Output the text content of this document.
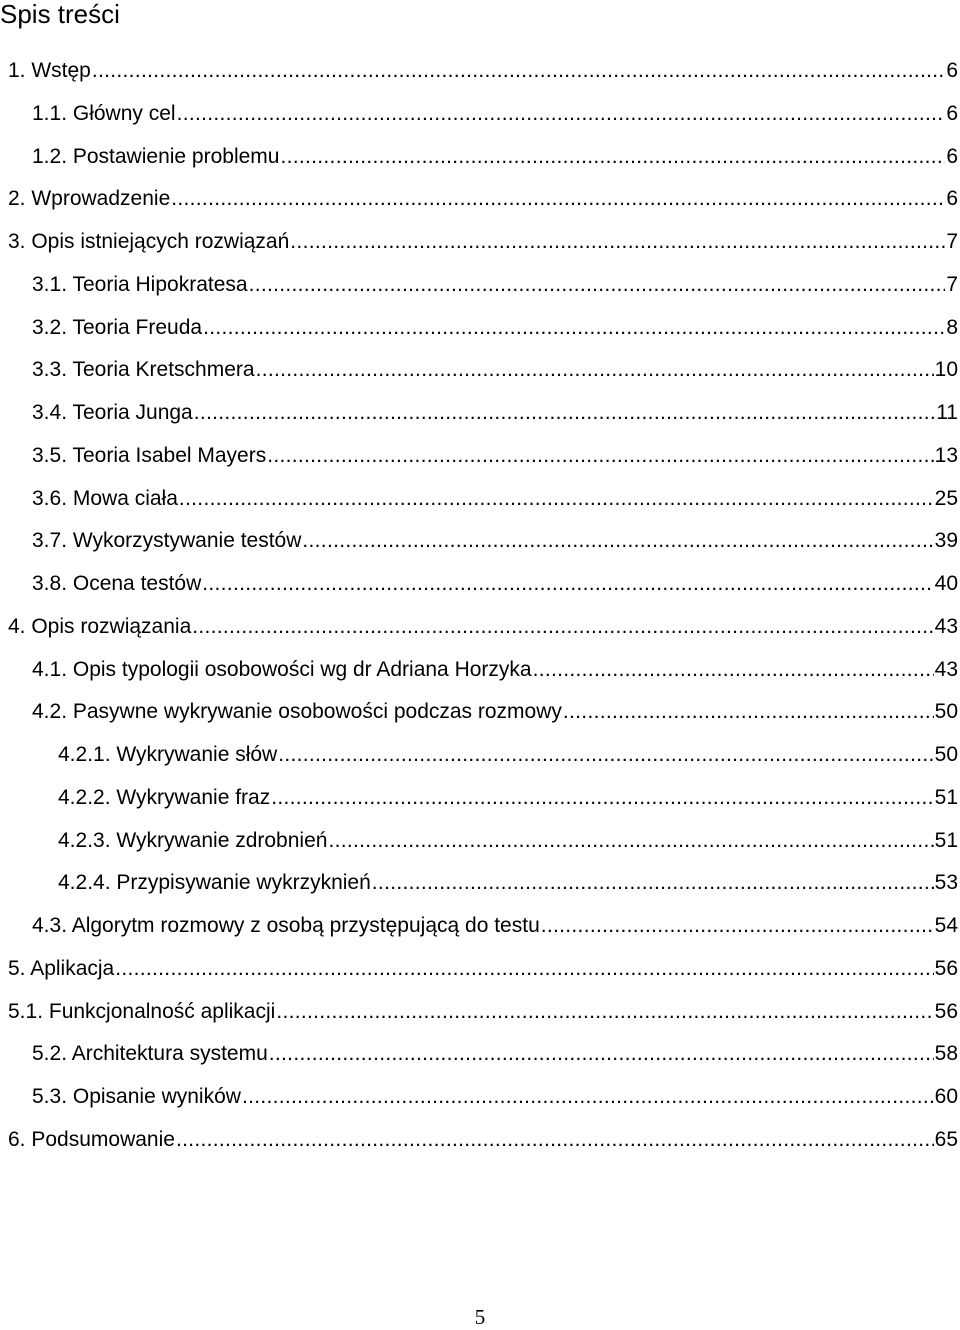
Spis treści
1. Wstęp .....	6
1.1. Główny cel .....	6
1.2. Postawienie problemu .....	6
2. Wprowadzenie .....	6
3. Opis istniejących rozwiązań .....	7
3.1. Teoria Hipokratesa .....	7
3.2. Teoria Freuda .....	8
3.3. Teoria Kretschmera .....	10
3.4. Teoria Junga .....	11
3.5. Teoria Isabel Mayers .....	13
3.6. Mowa ciała .....	25
3.7. Wykorzystywanie testów .....	39
3.8. Ocena testów .....	40
4. Opis rozwiązania .....	43
4.1. Opis typologii osobowości wg dr Adriana Horzyka .....	43
4.2. Pasywne wykrywanie osobowości podczas rozmowy .....	50
4.2.1. Wykrywanie słów .....	50
4.2.2. Wykrywanie fraz .....	51
4.2.3. Wykrywanie zdrobnień .....	51
4.2.4. Przypisywanie wykrzyknień .....	53
4.3. Algorytm rozmowy z osobą przystępującą do testu .....	54
5. Aplikacja .....	56
5.1. Funkcjonalność aplikacji .....	56
5.2. Architektura systemu .....	58
5.3. Opisanie wyników .....	60
6. Podsumowanie .....	65
5
